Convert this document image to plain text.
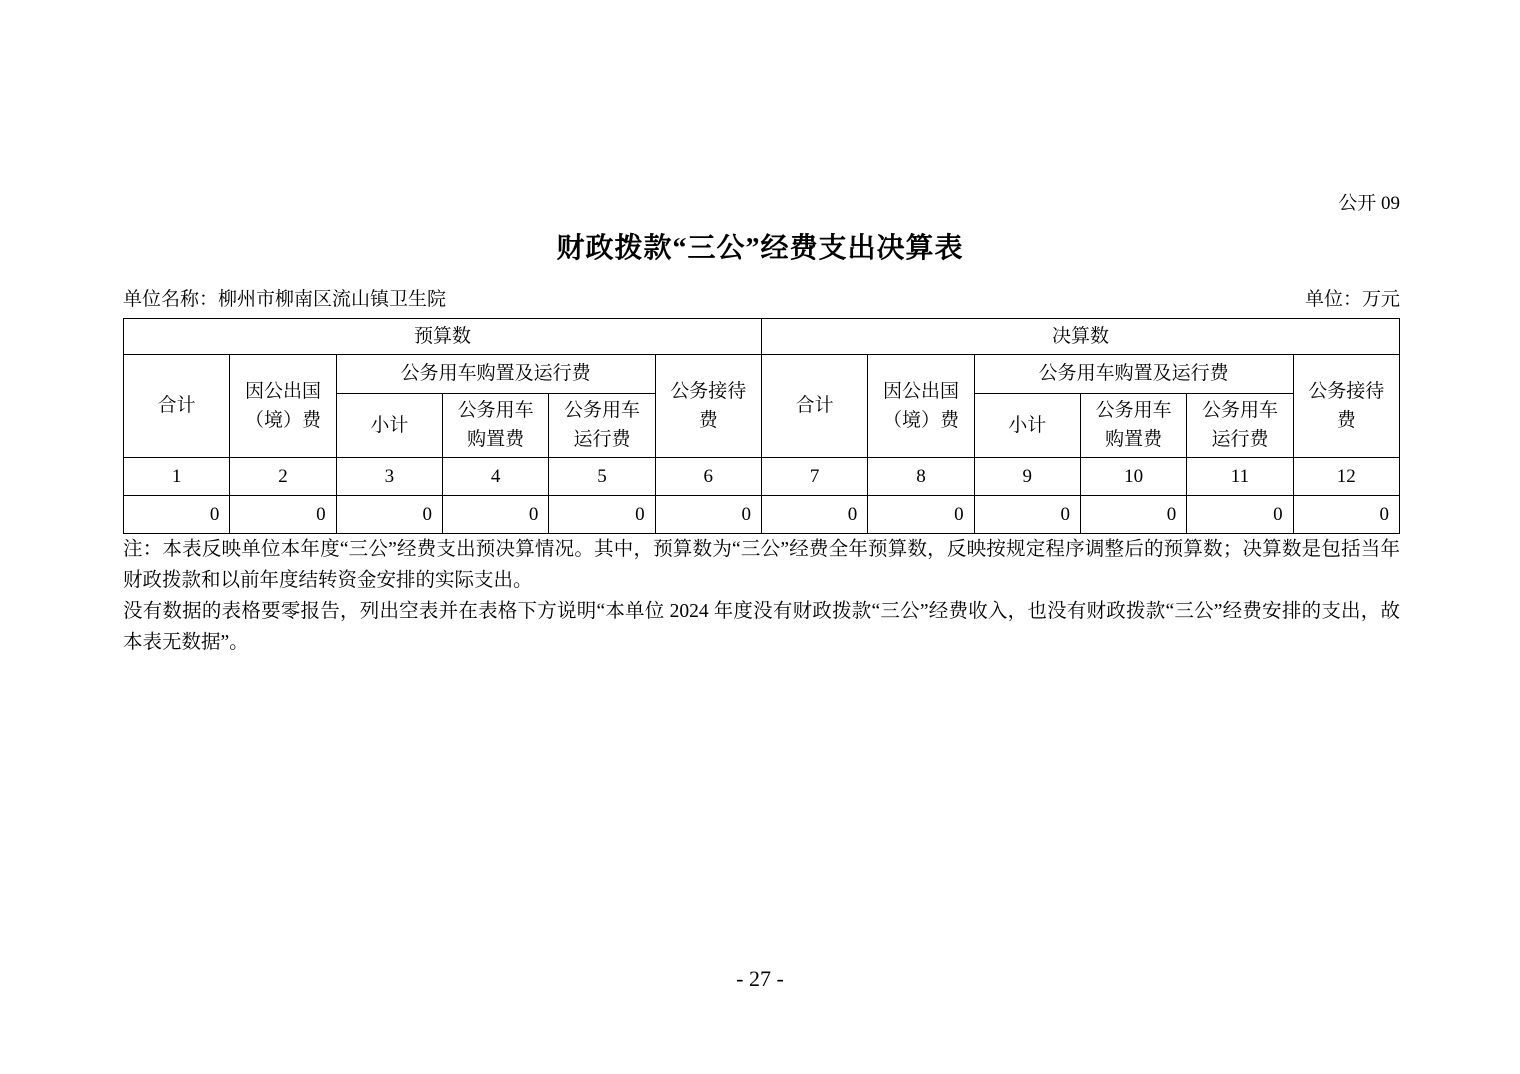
公开 09
财政拨款“三公”经费支出决算表
单位名称：柳州市柳南区流山镇卫生院	单位：万元
预算数						决算数					
合计	因公出国（境）费	公务用车购置及运行费			公务接待费	合计	因公出国（境）费	公务用车购置及运行费			公务接待费
		小计	公务用车购置费	公务用车运行费				小计	公务用车购置费	公务用车运行费	
1	2	3	4	5	6	7	8	9	10	11	12
0	0	0	0	0	0	0	0	0	0	0	0

注：本表反映单位本年度“三公”经费支出预决算情况。其中，预算数为“三公”经费全年预算数，反映按规定程序调整后的预算数；决算数是包括当年财政拨款和以前年度结转资金安排的实际支出。

没有数据的表格要零报告，列出空表并在表格下方说明“本单位 2024 年度没有财政拨款“三公”经费收入，也没有财政拨款“三公”经费安排的支出，故本表无数据”。

- 27 -
